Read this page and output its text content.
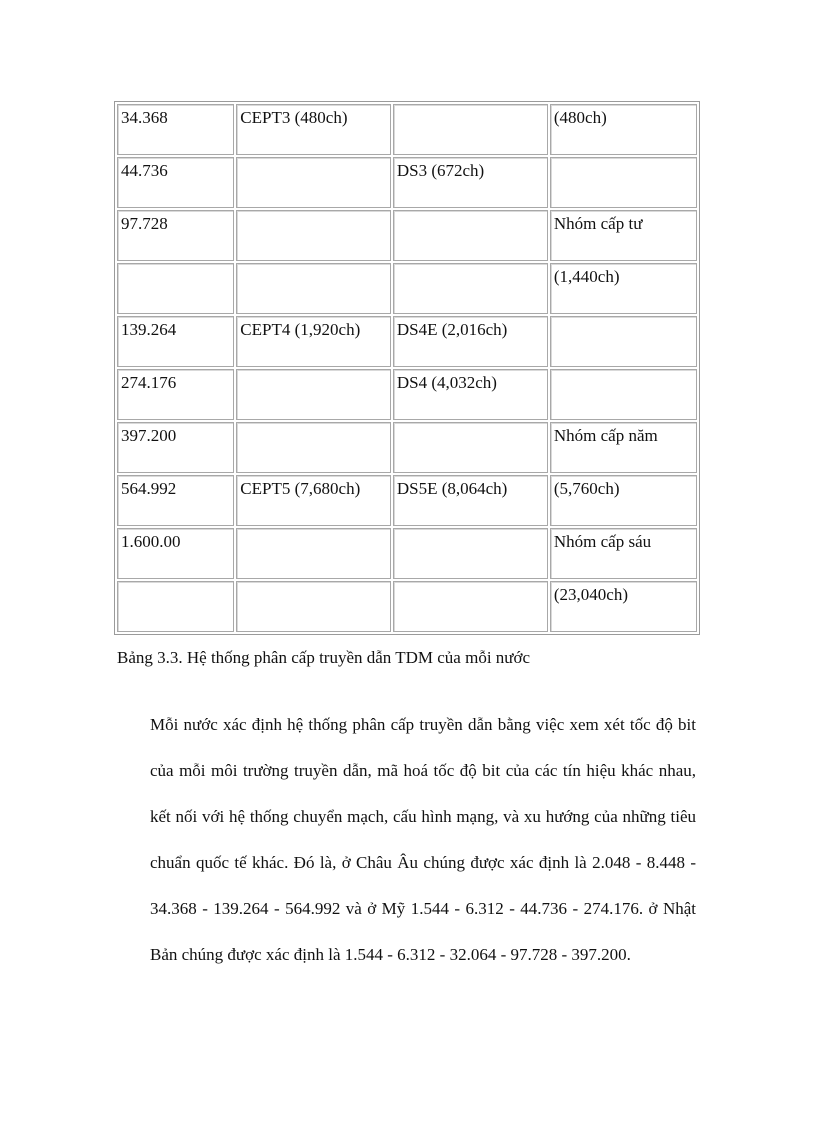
34.368	CEPT3 (480ch)		(480ch)
44.736		DS3 (672ch)	
97.728			Nhóm cấp tư
			(1,440ch)
139.264	CEPT4 (1,920ch)	DS4E (2,016ch)	
274.176		DS4 (4,032ch)	
397.200			Nhóm cấp năm
564.992	CEPT5 (7,680ch)	DS5E (8,064ch)	(5,760ch)
1.600.00			Nhóm cấp sáu
			(23,040ch)
Bảng 3.3. Hệ thống phân cấp truyền dẫn TDM của mỗi nước
Mỗi nước xác định hệ thống phân cấp truyền dẫn bằng việc xem xét tốc độ bit của mỗi môi trường truyền dẫn, mã hoá tốc độ bit của các tín hiệu khác nhau, kết nối với hệ thống chuyển mạch, cấu hình mạng, và xu hướng của những tiêu chuẩn quốc tế khác. Đó là, ở Châu Âu chúng được xác định là 2.048 - 8.448 - 34.368 - 139.264 - 564.992 và ở Mỹ 1.544 - 6.312 - 44.736 - 274.176. ở Nhật Bản chúng được xác định là 1.544 - 6.312 - 32.064 - 97.728 - 397.200.
